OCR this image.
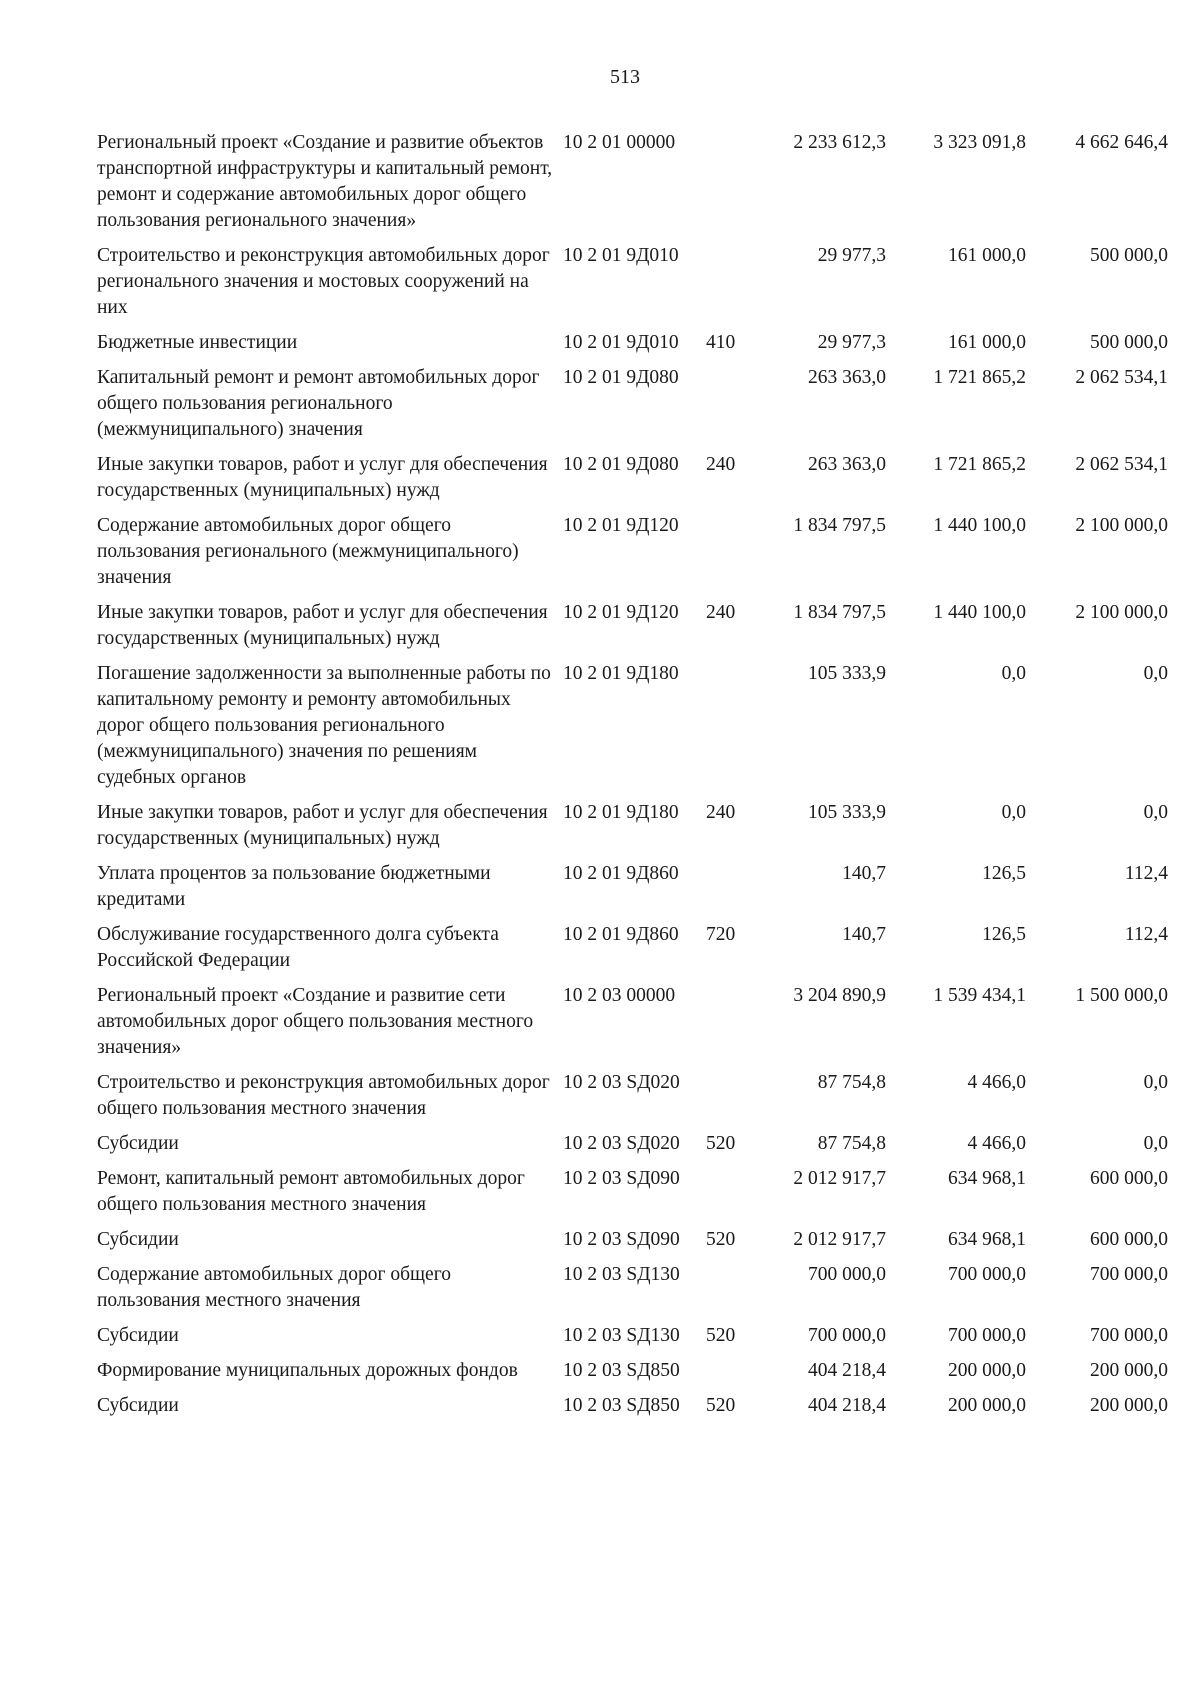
513
Региональный проект «Создание и развитие объектов транспортной инфраструктуры и капитальный ремонт, ремонт и содержание автомобильных дорог общего пользования регионального значения»	10 2 01 00000		2 233 612,3	3 323 091,8	4 662 646,4
Строительство и реконструкция автомобильных дорог регионального значения и мостовых сооружений на них	10 2 01 9Д010		29 977,3	161 000,0	500 000,0
Бюджетные инвестиции	10 2 01 9Д010	410	29 977,3	161 000,0	500 000,0
Капитальный ремонт и ремонт автомобильных дорог общего пользования регионального (межмуниципального) значения	10 2 01 9Д080		263 363,0	1 721 865,2	2 062 534,1
Иные закупки товаров, работ и услуг для обеспечения государственных (муниципальных) нужд	10 2 01 9Д080	240	263 363,0	1 721 865,2	2 062 534,1
Содержание автомобильных дорог общего пользования регионального (межмуниципального) значения	10 2 01 9Д120		1 834 797,5	1 440 100,0	2 100 000,0
Иные закупки товаров, работ и услуг для обеспечения государственных (муниципальных) нужд	10 2 01 9Д120	240	1 834 797,5	1 440 100,0	2 100 000,0
Погашение задолженности за выполненные работы по капитальному ремонту и ремонту автомобильных дорог общего пользования регионального (межмуниципального) значения по решениям судебных органов	10 2 01 9Д180		105 333,9	0,0	0,0
Иные закупки товаров, работ и услуг для обеспечения государственных (муниципальных) нужд	10 2 01 9Д180	240	105 333,9	0,0	0,0
Уплата процентов за пользование бюджетными кредитами	10 2 01 9Д860		140,7	126,5	112,4
Обслуживание государственного долга субъекта Российской Федерации	10 2 01 9Д860	720	140,7	126,5	112,4
Региональный проект «Создание и развитие сети автомобильных дорог общего пользования местного значения»	10 2 03 00000		3 204 890,9	1 539 434,1	1 500 000,0
Строительство и реконструкция автомобильных дорог общего пользования местного значения	10 2 03 SД020		87 754,8	4 466,0	0,0
Субсидии	10 2 03 SД020	520	87 754,8	4 466,0	0,0
Ремонт, капитальный ремонт автомобильных дорог общего пользования местного значения	10 2 03 SД090		2 012 917,7	634 968,1	600 000,0
Субсидии	10 2 03 SД090	520	2 012 917,7	634 968,1	600 000,0
Содержание автомобильных дорог общего пользования местного значения	10 2 03 SД130		700 000,0	700 000,0	700 000,0
Субсидии	10 2 03 SД130	520	700 000,0	700 000,0	700 000,0
Формирование муниципальных дорожных фондов	10 2 03 SД850		404 218,4	200 000,0	200 000,0
Субсидии	10 2 03 SД850	520	404 218,4	200 000,0	200 000,0
